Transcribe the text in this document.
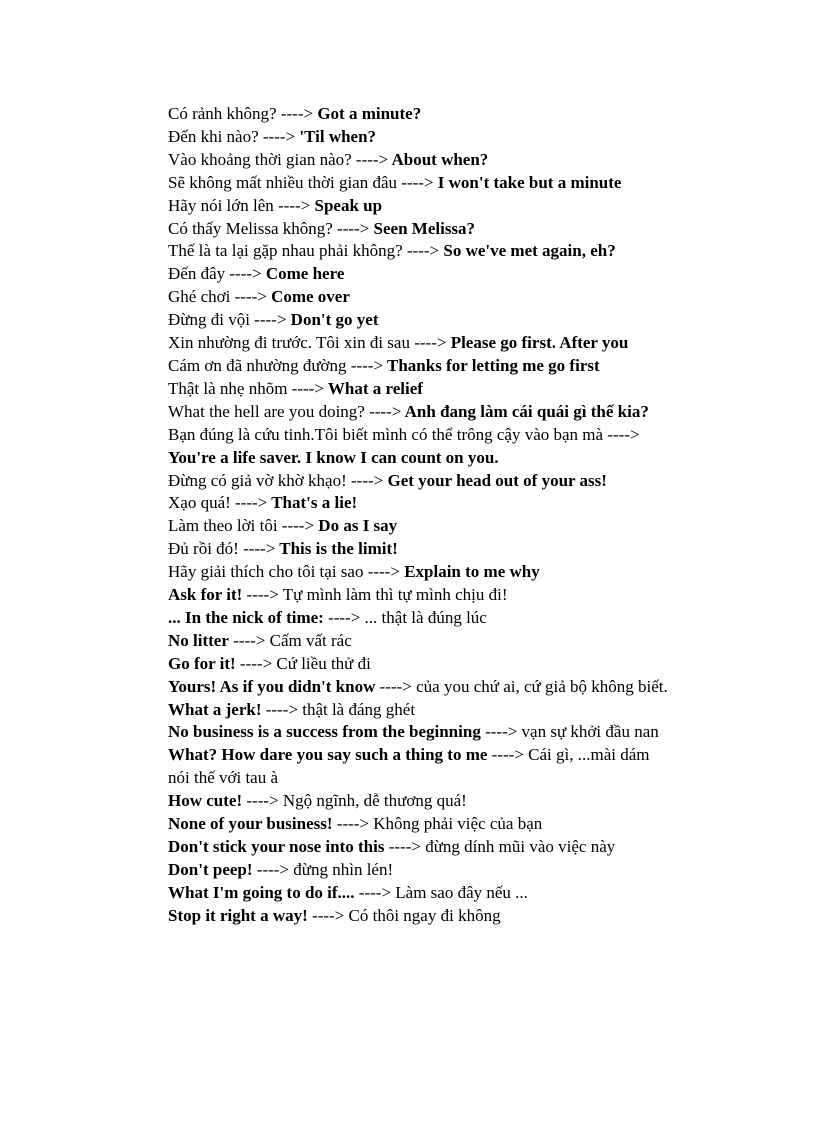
Có rảnh không? ----> Got a minute?

Đến khi nào? ----> 'Til when?

Vào khoảng thời gian nào? ----> About when?

Sẽ không mất nhiều thời gian đâu ----> I won't take but a minute

Hãy nói lớn lên ----> Speak up

Có thấy Melissa không? ----> Seen Melissa?

Thế là ta lại gặp nhau phải không? ----> So we've met again, eh?

Đến đây ----> Come here

Ghé chơi ----> Come over

Đừng đi vội ----> Don't go yet

Xin nhường đi trước. Tôi xin đi sau ----> Please go first. After you

Cám ơn đã nhường đường ----> Thanks for letting me go first

Thật là nhẹ nhõm ----> What a relief

What the hell are you doing? ----> Anh đang làm cái quái gì thế kia?

Bạn đúng là cứu tinh.Tôi biết mình có thể trông cậy vào bạn mà ----> You're a life saver. I know I can count on you.

Đừng có giả vờ khờ khạo! ----> Get your head out of your ass!

Xạo quá! ----> That's a lie!

Làm theo lời tôi ----> Do as I say

Đủ rồi đó! ----> This is the limit!

Hãy giải thích cho tôi tại sao ----> Explain to me why

Ask for it! ----> Tự mình làm thì tự mình chịu đi!

... In the nick of time: ----> ... thật là đúng lúc

No litter ----> Cấm vất rác

Go for it! ----> Cứ liều thử đi

Yours! As if you didn't know ----> của you chứ ai, cứ giả bộ không biết.

What a jerk! ----> thật là đáng ghét

No business is a success from the beginning ----> vạn sự khởi đầu nan

What? How dare you say such a thing to me ----> Cái gì, ...mài dám nói thế với tau à

How cute! ----> Ngộ ngĩnh, dễ thương quá!

None of your business! ----> Không phải việc của bạn

Don't stick your nose into this ----> đừng dính mũi vào việc này

Don't peep! ----> đừng nhìn lén!

What I'm going to do if.... ----> Làm sao đây nếu ...

Stop it right a way! ----> Có thôi ngay đi không
